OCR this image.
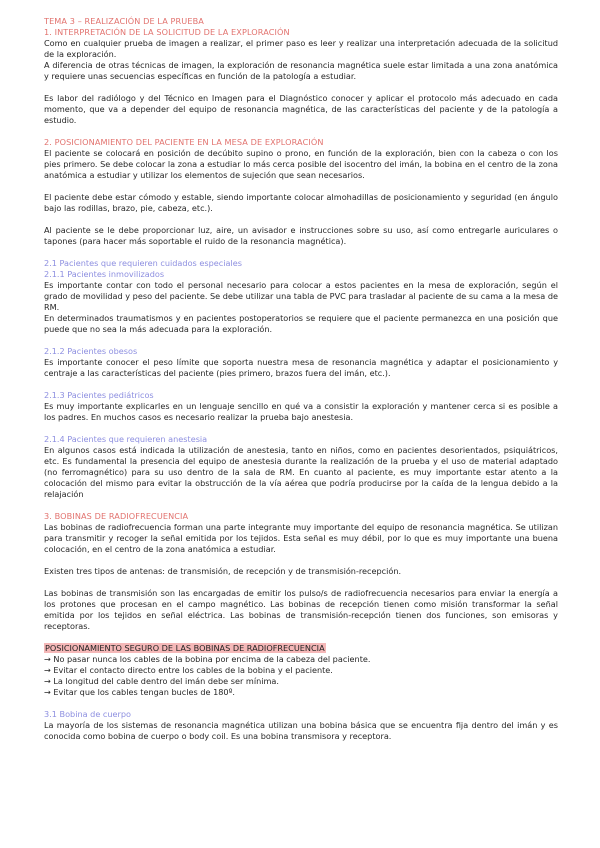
TEMA 3 – REALIZACIÓN DE LA PRUEBA
1. INTERPRETACIÓN DE LA SOLICITUD DE LA EXPLORACIÓN

Como en cualquier prueba de imagen a realizar, el primer paso es leer y realizar una interpretación adecuada de la solicitud de la exploración.

A diferencia de otras técnicas de imagen, la exploración de resonancia magnética suele estar limitada a una zona anatómica y requiere unas secuencias específicas en función de la patología a estudiar.

Es labor del radiólogo y del Técnico en Imagen para el Diagnóstico conocer y aplicar el protocolo más adecuado en cada momento, que va a depender del equipo de resonancia magnética, de las características del paciente y de la patología a estudio.

2. POSICIONAMIENTO DEL PACIENTE EN LA MESA DE EXPLORACIÓN

El paciente se colocará en posición de decúbito supino o prono, en función de la exploración, bien con la cabeza o con los pies primero. Se debe colocar la zona a estudiar lo más cerca posible del isocentro del imán, la bobina en el centro de la zona anatómica a estudiar y utilizar los elementos de sujeción que sean necesarios.

El paciente debe estar cómodo y estable, siendo importante colocar almohadillas de posicionamiento y seguridad (en ángulo bajo las rodillas, brazo, pie, cabeza, etc.).

Al paciente se le debe proporcionar luz, aire, un avisador e instrucciones sobre su uso, así como entregarle auriculares o tapones (para hacer más soportable el ruido de la resonancia magnética).

2.1 Pacientes que requieren cuidados especiales
2.1.1 Pacientes inmovilizados

Es importante contar con todo el personal necesario para colocar a estos pacientes en la mesa de exploración, según el grado de movilidad y peso del paciente. Se debe utilizar una tabla de PVC para trasladar al paciente de su cama a la mesa de RM.

En determinados traumatismos y en pacientes postoperatorios se requiere que el paciente permanezca en una posición que puede que no sea la más adecuada para la exploración.

2.1.2 Pacientes obesos

Es importante conocer el peso límite que soporta nuestra mesa de resonancia magnética y adaptar el posicionamiento y centraje a las características del paciente (pies primero, brazos fuera del imán, etc.).

2.1.3 Pacientes pediátricos

Es muy importante explicarles en un lenguaje sencillo en qué va a consistir la exploración y mantener cerca si es posible a los padres. En muchos casos es necesario realizar la prueba bajo anestesia.

2.1.4 Pacientes que requieren anestesia

En algunos casos está indicada la utilización de anestesia, tanto en niños, como en pacientes desorientados, psiquiátricos, etc. Es fundamental la presencia del equipo de anestesia durante la realización de la prueba y el uso de material adaptado (no ferromagnético) para su uso dentro de la sala de RM. En cuanto al paciente, es muy importante estar atento a la colocación del mismo para evitar la obstrucción de la vía aérea que podría producirse por la caída de la lengua debido a la relajación

3. BOBINAS DE RADIOFRECUENCIA

Las bobinas de radiofrecuencia forman una parte integrante muy importante del equipo de resonancia magnética. Se utilizan para transmitir y recoger la señal emitida por los tejidos. Esta señal es muy débil, por lo que es muy importante una buena colocación, en el centro de la zona anatómica a estudiar.

Existen tres tipos de antenas: de transmisión, de recepción y de transmisión-recepción.

Las bobinas de transmisión son las encargadas de emitir los pulso/s de radiofrecuencia necesarios para enviar la energía a los protones que procesan en el campo magnético. Las bobinas de recepción tienen como misión transformar la señal emitida por los tejidos en señal eléctrica. Las bobinas de transmisión-recepción tienen dos funciones, son emisoras y receptoras.

POSICIONAMIENTO SEGURO DE LAS BOBINAS DE RADIOFRECUENCIA
→ No pasar nunca los cables de la bobina por encima de la cabeza del paciente.
→ Evitar el contacto directo entre los cables de la bobina y el paciente.
→ La longitud del cable dentro del imán debe ser mínima.
→ Evitar que los cables tengan bucles de 180º.
3.1 Bobina de cuerpo

La mayoría de los sistemas de resonancia magnética utilizan una bobina básica que se encuentra fija dentro del imán y es conocida como bobina de cuerpo o body coil. Es una bobina transmisora y receptora.
